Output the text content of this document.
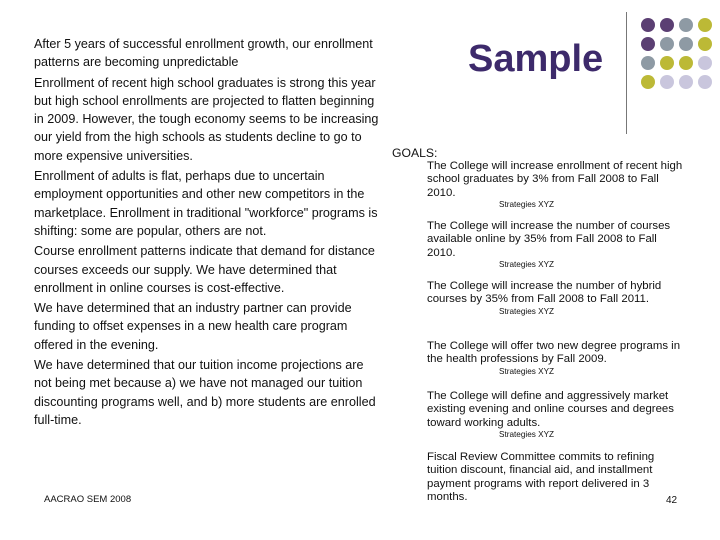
After 5 years of successful enrollment growth, our enrollment patterns are becoming unpredictable

Enrollment of recent high school graduates is strong this year but high school enrollments are projected to flatten beginning in 2009. However, the tough economy seems to be increasing our yield from the high schools as students decline to go to more expensive universities.

Enrollment of adults is flat, perhaps due to uncertain employment opportunities and other new competitors in the marketplace. Enrollment in traditional "workforce" programs is shifting: some are popular, others are not.

Course enrollment patterns indicate that demand for distance courses exceeds our supply. We have determined that enrollment in online courses is cost-effective.

We have determined that an industry partner can provide funding to offset expenses in a new health care program offered in the evening.

We have determined that our tuition income projections are not being met because a) we have not managed our tuition discounting programs well, and b) more students are enrolled full-time.

AACRAO SEM 2008
Sample
GOALS:
The College will increase enrollment of recent high school graduates by 3% from Fall 2008 to Fall 2010.
Strategies XYZ
The College will increase the number of courses available online by 35% from Fall 2008 to Fall 2010.
Strategies XYZ
The College will increase the number of hybrid courses by 35% from Fall 2008 to Fall 2011.
Strategies XYZ
The College will offer two new degree programs in the health professions by Fall 2009.
Strategies XYZ
The College will define and aggressively market existing evening and online courses and degrees toward working adults.
Strategies XYZ
Fiscal Review Committee commits to refining tuition discount, financial aid, and installment payment programs with report delivered in 3 months.	42
